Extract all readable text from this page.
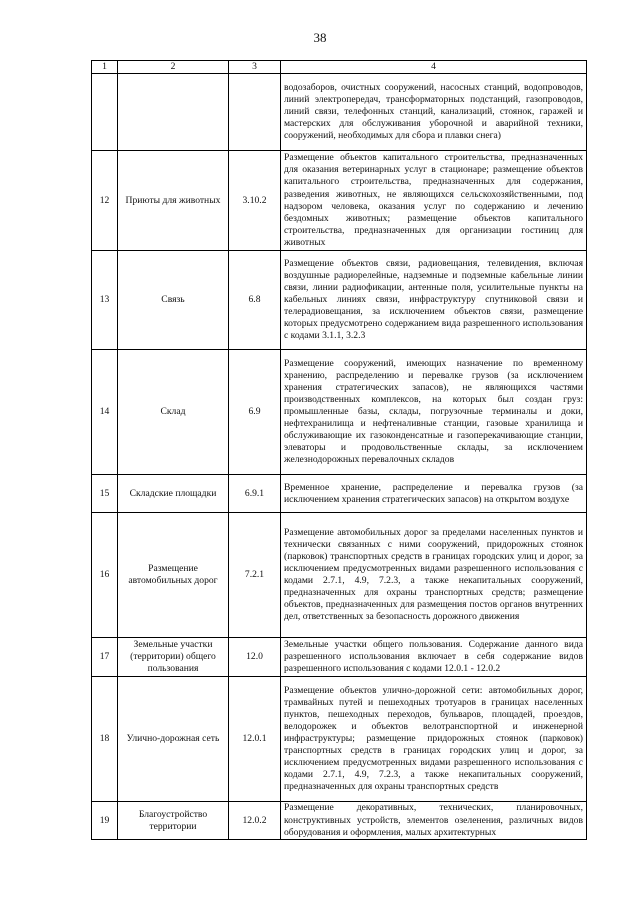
38
1	2	3	4
			водозаборов, очистных сооружений, насосных станций, водопроводов, линий электропередач, трансформаторных подстанций, газопроводов, линий связи, телефонных станций, канализаций, стоянок, гаражей и мастерских для обслуживания уборочной и аварийной техники, сооружений, необходимых для сбора и плавки снега)
12	Приюты для животных	3.10.2	Размещение объектов капитального строительства, предназначенных для оказания ветеринарных услуг в стационаре; размещение объектов капитального строительства, предназначенных для содержания, разведения животных, не являющихся сельскохозяйственными, под надзором человека, оказания услуг по содержанию и лечению бездомных животных; размещение объектов капитального строительства, предназначенных для организации гостиниц для животных
13	Связь	6.8	Размещение объектов связи, радиовещания, телевидения, включая воздушные радиорелейные, надземные и подземные кабельные линии связи, линии радиофикации, антенные поля, усилительные пункты на кабельных линиях связи, инфраструктуру спутниковой связи и телерадиовещания, за исключением объектов связи, размещение которых предусмотрено содержанием вида разрешенного использования с кодами 3.1.1, 3.2.3
14	Склад	6.9	Размещение сооружений, имеющих назначение по временному хранению, распределению и перевалке грузов (за исключением хранения стратегических запасов), не являющихся частями производственных комплексов, на которых был создан груз: промышленные базы, склады, погрузочные терминалы и доки, нефтехранилища и нефтеналивные станции, газовые хранилища и обслуживающие их газоконденсатные и газоперекачивающие станции, элеваторы и продовольственные склады, за исключением железнодорожных перевалочных складов
15	Складские площадки	6.9.1	Временное хранение, распределение и перевалка грузов (за исключением хранения стратегических запасов) на открытом воздухе
16	Размещение автомобильных дорог	7.2.1	Размещение автомобильных дорог за пределами населенных пунктов и технически связанных с ними сооружений, придорожных стоянок (парковок) транспортных средств в границах городских улиц и дорог, за исключением предусмотренных видами разрешенного использования с кодами 2.7.1, 4.9, 7.2.3, а также некапитальных сооружений, предназначенных для охраны транспортных средств; размещение объектов, предназначенных для размещения постов органов внутренних дел, ответственных за безопасность дорожного движения
17	Земельные участки (территории) общего пользования	12.0	Земельные участки общего пользования. Содержание данного вида разрешенного использования включает в себя содержание видов разрешенного использования с кодами 12.0.1 - 12.0.2
18	Улично-дорожная сеть	12.0.1	Размещение объектов улично-дорожной сети: автомобильных дорог, трамвайных путей и пешеходных тротуаров в границах населенных пунктов, пешеходных переходов, бульваров, площадей, проездов, велодорожек и объектов велотранспортной и инженерной инфраструктуры; размещение придорожных стоянок (парковок) транспортных средств в границах городских улиц и дорог, за исключением предусмотренных видами разрешенного использования с кодами 2.7.1, 4.9, 7.2.3, а также некапитальных сооружений, предназначенных для охраны транспортных средств
19	Благоустройство территории	12.0.2	Размещение декоративных, технических, планировочных, конструктивных устройств, элементов озеленения, различных видов оборудования и оформления, малых архитектурных
